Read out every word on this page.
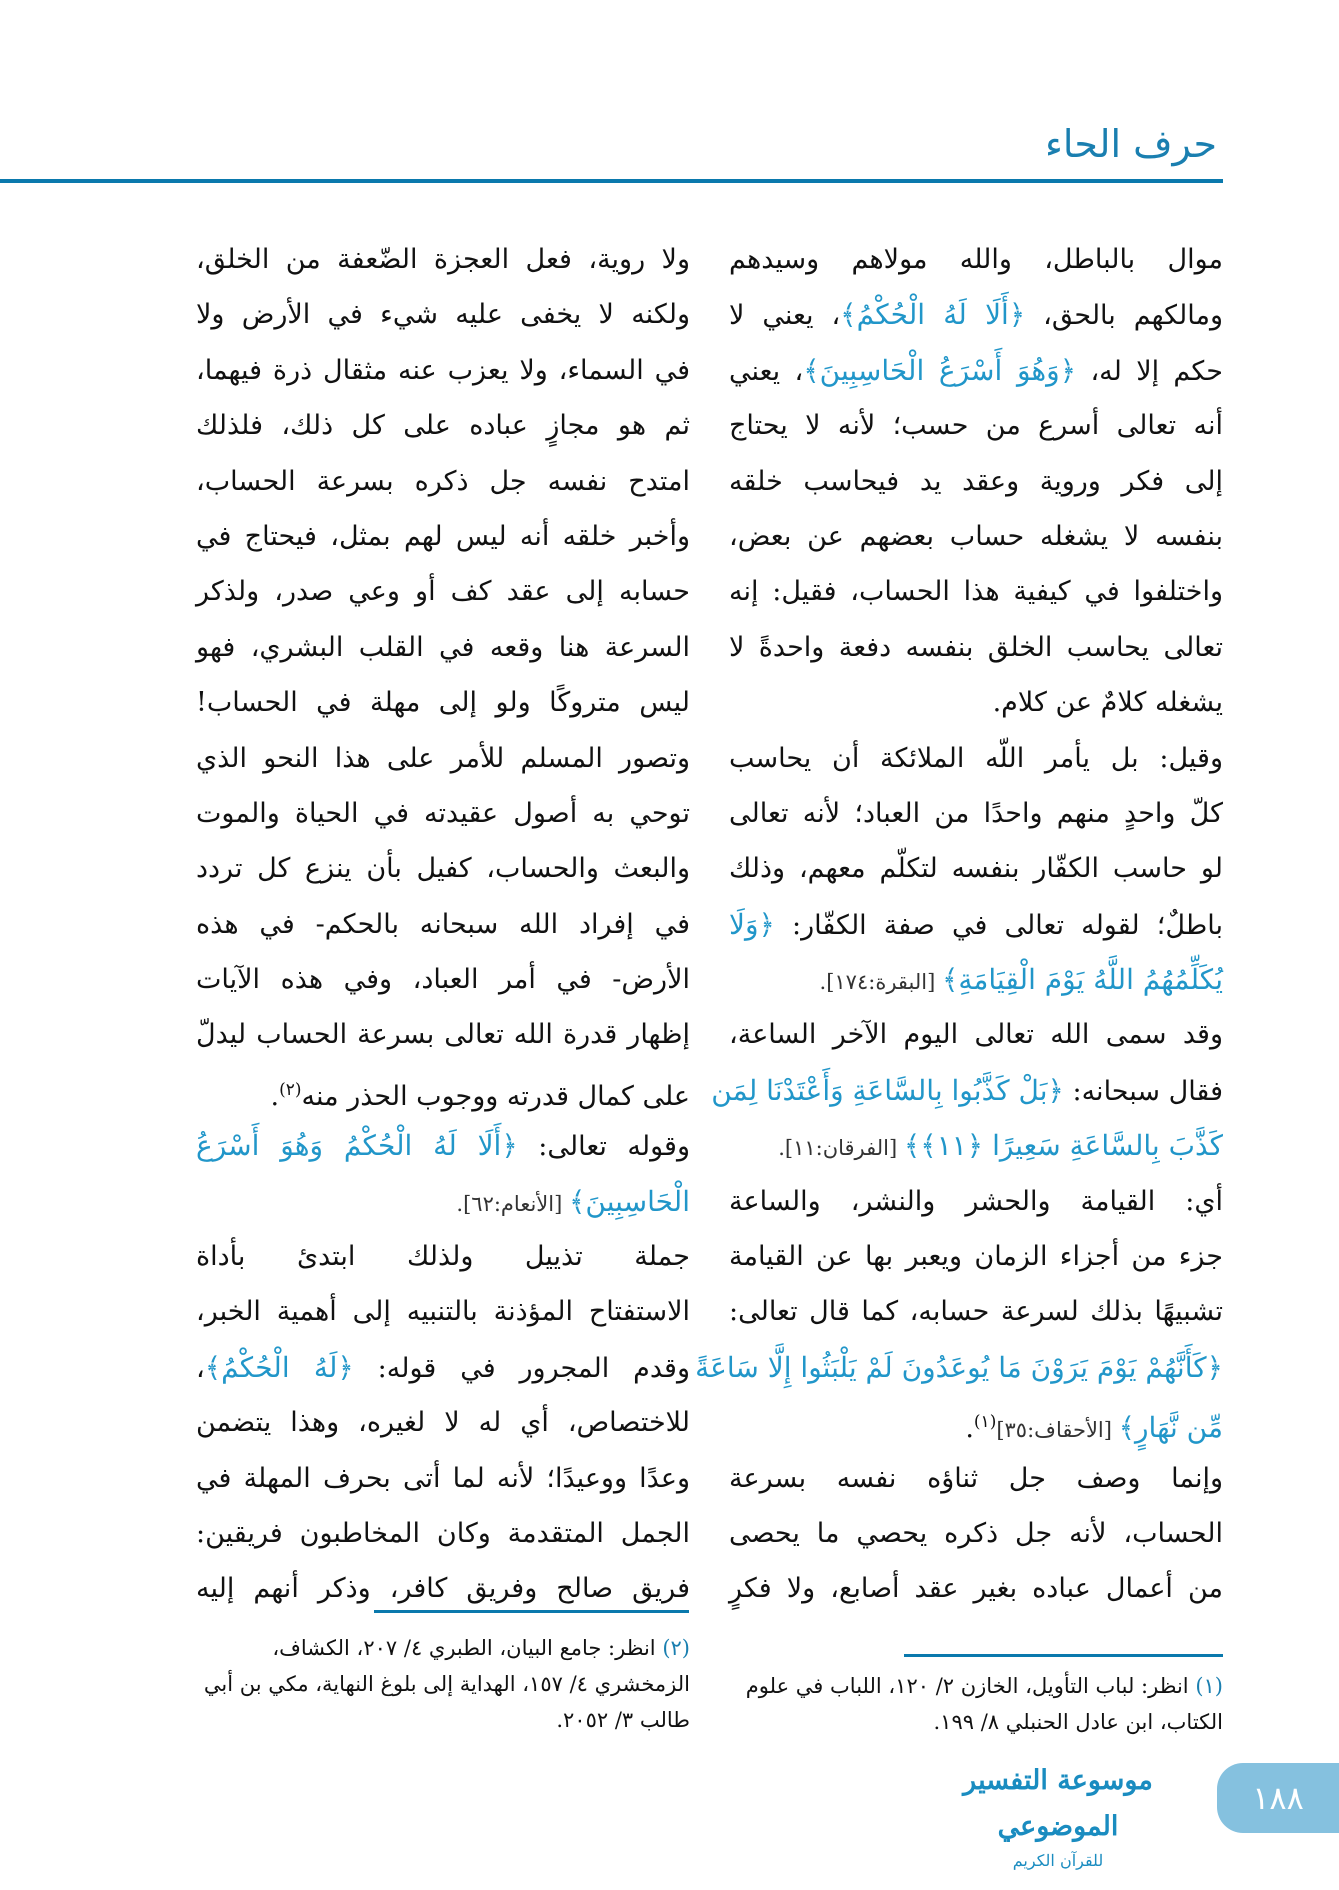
حرف الحاء
موال بالباطل، والله مولاهم وسيدهم
ومالكهم بالحق، ﴿أَلَا لَهُ الْحُكْمُ﴾، يعني لا
حكم إلا له، ﴿وَهُوَ أَسْرَعُ الْحَاسِبِينَ﴾، يعني
أنه تعالى أسرع من حسب؛ لأنه لا يحتاج
إلى فكر وروية وعقد يد فيحاسب خلقه
بنفسه لا يشغله حساب بعضهم عن بعض،
واختلفوا في كيفية هذا الحساب، فقيل: إنه
تعالى يحاسب الخلق بنفسه دفعة واحدةً لا
يشغله كلامٌ عن كلام.
وقيل: بل يأمر اللّه الملائكة أن يحاسب
كلّ واحدٍ منهم واحدًا من العباد؛ لأنه تعالى
لو حاسب الكفّار بنفسه لتكلّم معهم، وذلك
باطلٌ؛ لقوله تعالى في صفة الكفّار: ﴿وَلَا
يُكَلِّمُهُمُ اللَّهُ يَوْمَ الْقِيَامَةِ﴾ [البقرة:١٧٤].
وقد سمى الله تعالى اليوم الآخر الساعة،
فقال سبحانه: ﴿بَلْ كَذَّبُوا بِالسَّاعَةِ وَأَعْتَدْنَا لِمَن
كَذَّبَ بِالسَّاعَةِ سَعِيرًا ﴿١١﴾﴾ [الفرقان:١١].
أي: القيامة والحشر والنشر، والساعة
جزء من أجزاء الزمان ويعبر بها عن القيامة
تشبيهًا بذلك لسرعة حسابه، كما قال تعالى:
﴿كَأَنَّهُمْ يَوْمَ يَرَوْنَ مَا يُوعَدُونَ لَمْ يَلْبَثُوا إِلَّا سَاعَةً
مِّن نَّهَارٍ﴾ [الأحقاف:٣٥]$^{(١)}$.
وإنما وصف جل ثناؤه نفسه بسرعة
الحساب، لأنه جل ذكره يحصي ما يحصى
من أعمال عباده بغير عقد أصابع، ولا فكرٍ
ولا روية، فعل العجزة الضّعفة من الخلق،
ولكنه لا يخفى عليه شيء في الأرض ولا
في السماء، ولا يعزب عنه مثقال ذرة فيهما،
ثم هو مجازٍ عباده على كل ذلك، فلذلك
امتدح نفسه جل ذكره بسرعة الحساب،
وأخبر خلقه أنه ليس لهم بمثل، فيحتاج في
حسابه إلى عقد كف أو وعي صدر، ولذكر
السرعة هنا وقعه في القلب البشري، فهو
ليس متروكًا ولو إلى مهلة في الحساب!
وتصور المسلم للأمر على هذا النحو الذي
توحي به أصول عقيدته في الحياة والموت
والبعث والحساب، كفيل بأن ينزع كل تردد
في إفراد الله سبحانه بالحكم- في هذه
الأرض- في أمر العباد، وفي هذه الآيات
إظهار قدرة الله تعالى بسرعة الحساب ليدلّ
على كمال قدرته ووجوب الحذر منه$^{(٢)}$.
وقوله تعالى: ﴿أَلَا لَهُ الْحُكْمُ وَهُوَ أَسْرَعُ
الْحَاسِبِينَ﴾ [الأنعام:٦٢].
جملة تذييل ولذلك ابتدئ بأداة
الاستفتاح المؤذنة بالتنبيه إلى أهمية الخبر،
وقدم المجرور في قوله: ﴿لَهُ الْحُكْمُ﴾،
للاختصاص، أي له لا لغيره، وهذا يتضمن
وعدًا ووعيدًا؛ لأنه لما أتى بحرف المهلة في
الجمل المتقدمة وكان المخاطبون فريقين:
فريق صالح وفريق كافر، وذكر أنهم إليه
(١) انظر: لباب التأويل، الخازن ٢/ ١٢٠، اللباب في علوم الكتاب، ابن عادل الحنبلي ٨/ ١٩٩.
(٢) انظر: جامع البيان، الطبري ٤/ ٢٠٧، الكشاف، الزمخشري ٤/ ١٥٧، الهداية إلى بلوغ النهاية، مكي بن أبي طالب ٣/ ٢٠٥٢.
موسوعة التفسير الموضوعي
للقرآن الكريم
١٨٨
